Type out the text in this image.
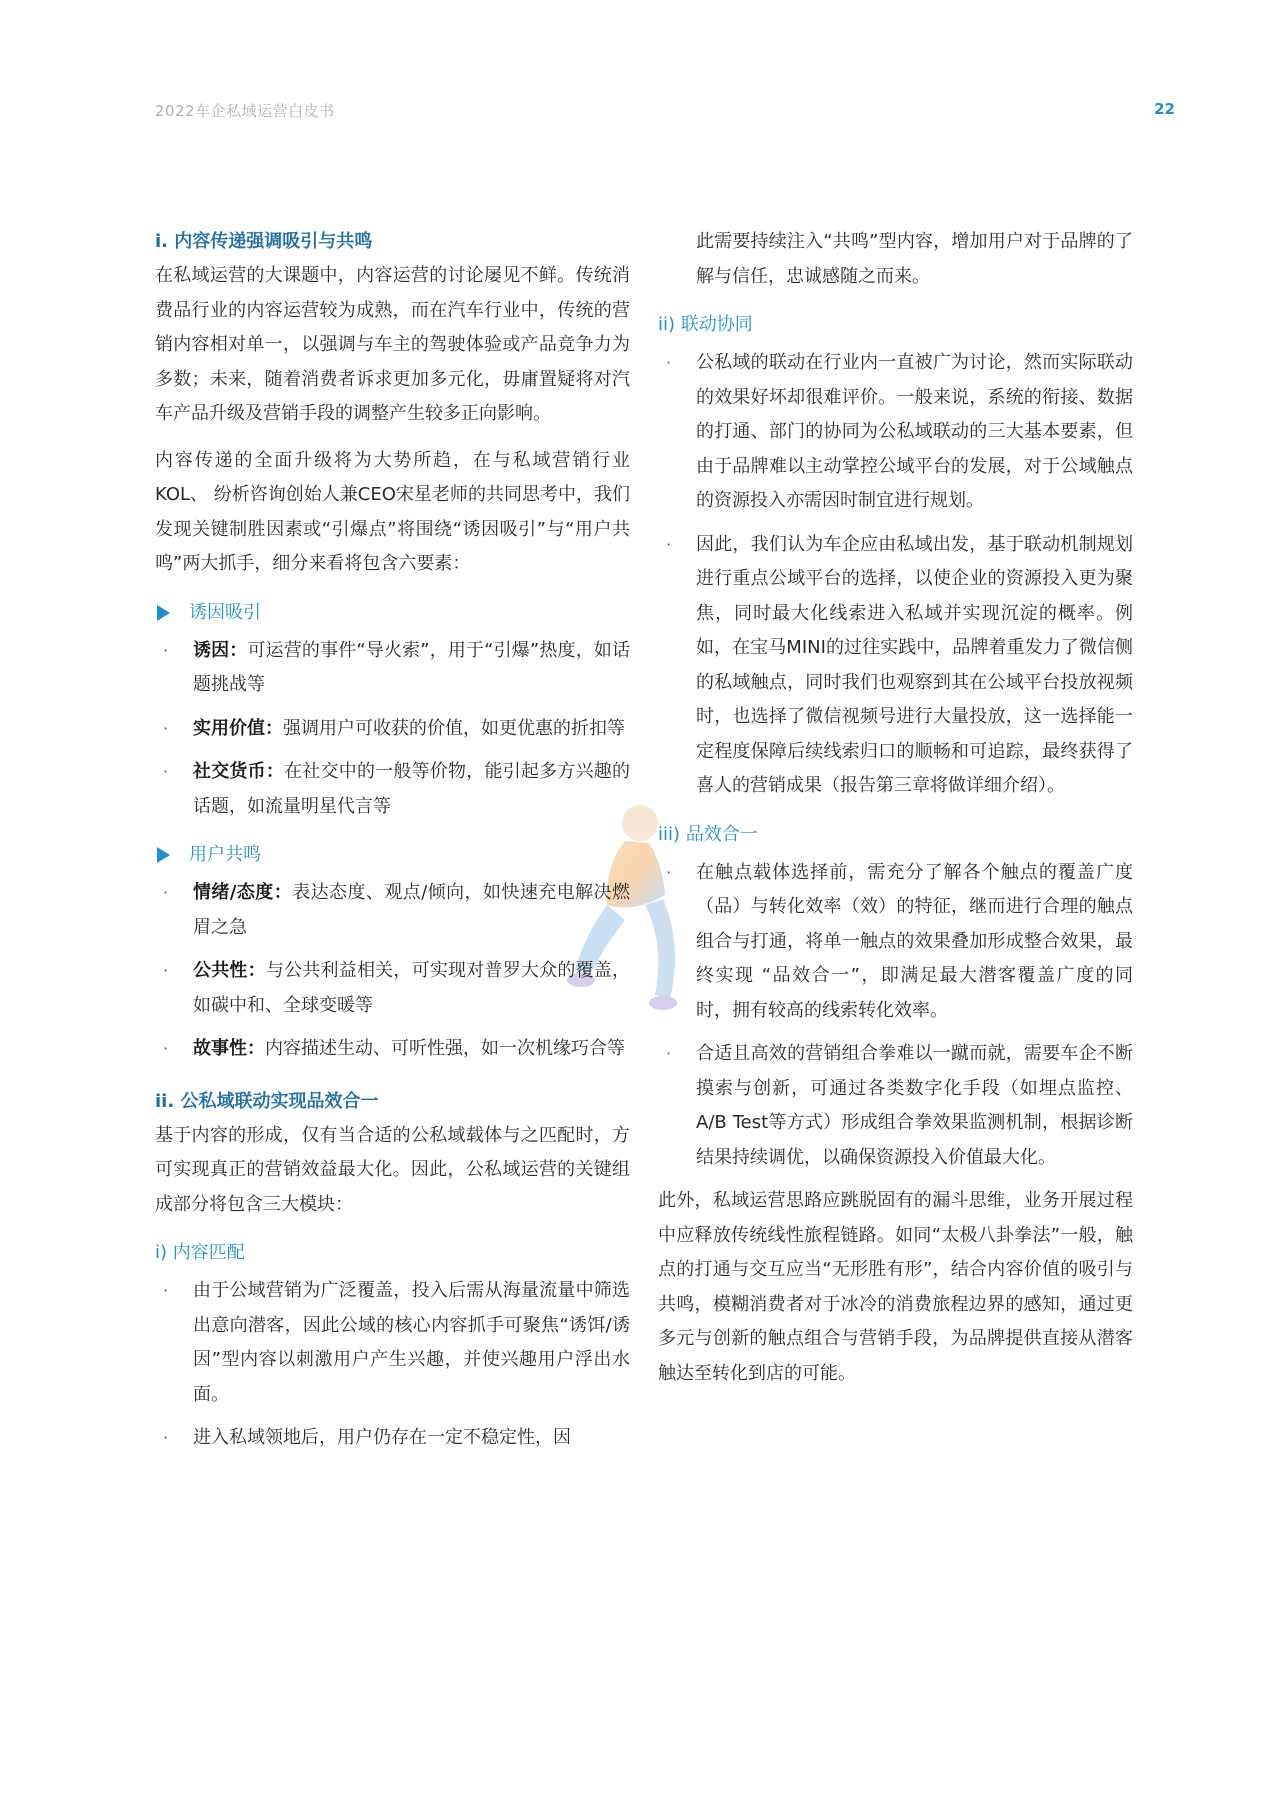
2022车企私域运营白皮书	22
i. 内容传递强调吸引与共鸣

在私域运营的大课题中，内容运营的讨论屡见不鲜。传统消费品行业的内容运营较为成熟，而在汽车行业中，传统的营销内容相对单一，以强调与车主的驾驶体验或产品竞争力为多数；未来，随着消费者诉求更加多元化，毋庸置疑将对汽车产品升级及营销手段的调整产生较多正向影响。

内容传递的全面升级将为大势所趋，在与私域营销行业KOL、 纷析咨询创始人兼CEO宋星老师的共同思考中，我们发现关键制胜因素或“引爆点”将围绕“诱因吸引”与“用户共鸣”两大抓手，细分来看将包含六要素：

诱因吸引
· 诱因：可运营的事件“导火索”，用于“引爆”热度，如话题挑战等
· 实用价值：强调用户可收获的价值，如更优惠的折扣等
· 社交货币：在社交中的一般等价物，能引起多方兴趣的话题，如流量明星代言等
用户共鸣
· 情绪/态度：表达态度、观点/倾向，如快速充电解决燃眉之急
· 公共性：与公共利益相关，可实现对普罗大众的覆盖，如碳中和、全球变暖等
· 故事性：内容描述生动、可听性强，如一次机缘巧合等
ii. 公私域联动实现品效合一

基于内容的形成，仅有当合适的公私域载体与之匹配时，方可实现真正的营销效益最大化。因此，公私域运营的关键组成部分将包含三大模块：

i) 内容匹配
· 由于公域营销为广泛覆盖，投入后需从海量流量中筛选出意向潜客，因此公域的核心内容抓手可聚焦“诱饵/诱因”型内容以刺激用户产生兴趣，并使兴趣用户浮出水面。
· 进入私域领地后，用户仍存在一定不稳定性，因

此需要持续注入“共鸣”型内容，增加用户对于品牌的了解与信任，忠诚感随之而来。

ii) 联动协同
· 公私域的联动在行业内一直被广为讨论，然而实际联动的效果好坏却很难评价。一般来说，系统的衔接、数据的打通、部门的协同为公私域联动的三大基本要素，但由于品牌难以主动掌控公域平台的发展，对于公域触点的资源投入亦需因时制宜进行规划。
· 因此，我们认为车企应由私域出发，基于联动机制规划进行重点公域平台的选择，以使企业的资源投入更为聚焦，同时最大化线索进入私域并实现沉淀的概率。例如，在宝马MINI的过往实践中，品牌着重发力了微信侧的私域触点，同时我们也观察到其在公域平台投放视频时，也选择了微信视频号进行大量投放，这一选择能一定程度保障后续线索归口的顺畅和可追踪，最终获得了喜人的营销成果（报告第三章将做详细介绍）。
iii) 品效合一
· 在触点载体选择前，需充分了解各个触点的覆盖广度（品）与转化效率（效）的特征，继而进行合理的触点组合与打通，将单一触点的效果叠加形成整合效果，最终实现 “品效合一”，即满足最大潜客覆盖广度的同时，拥有较高的线索转化效率。
· 合适且高效的营销组合拳难以一蹴而就，需要车企不断摸索与创新，可通过各类数字化手段（如埋点监控、A/B Test等方式）形成组合拳效果监测机制，根据诊断结果持续调优，以确保资源投入价值最大化。

此外，私域运营思路应跳脱固有的漏斗思维，业务开展过程中应释放传统线性旅程链路。如同“太极八卦拳法”一般，触点的打通与交互应当“无形胜有形”，结合内容价值的吸引与共鸣，模糊消费者对于冰冷的消费旅程边界的感知，通过更多元与创新的触点组合与营销手段，为品牌提供直接从潜客触达至转化到店的可能。
